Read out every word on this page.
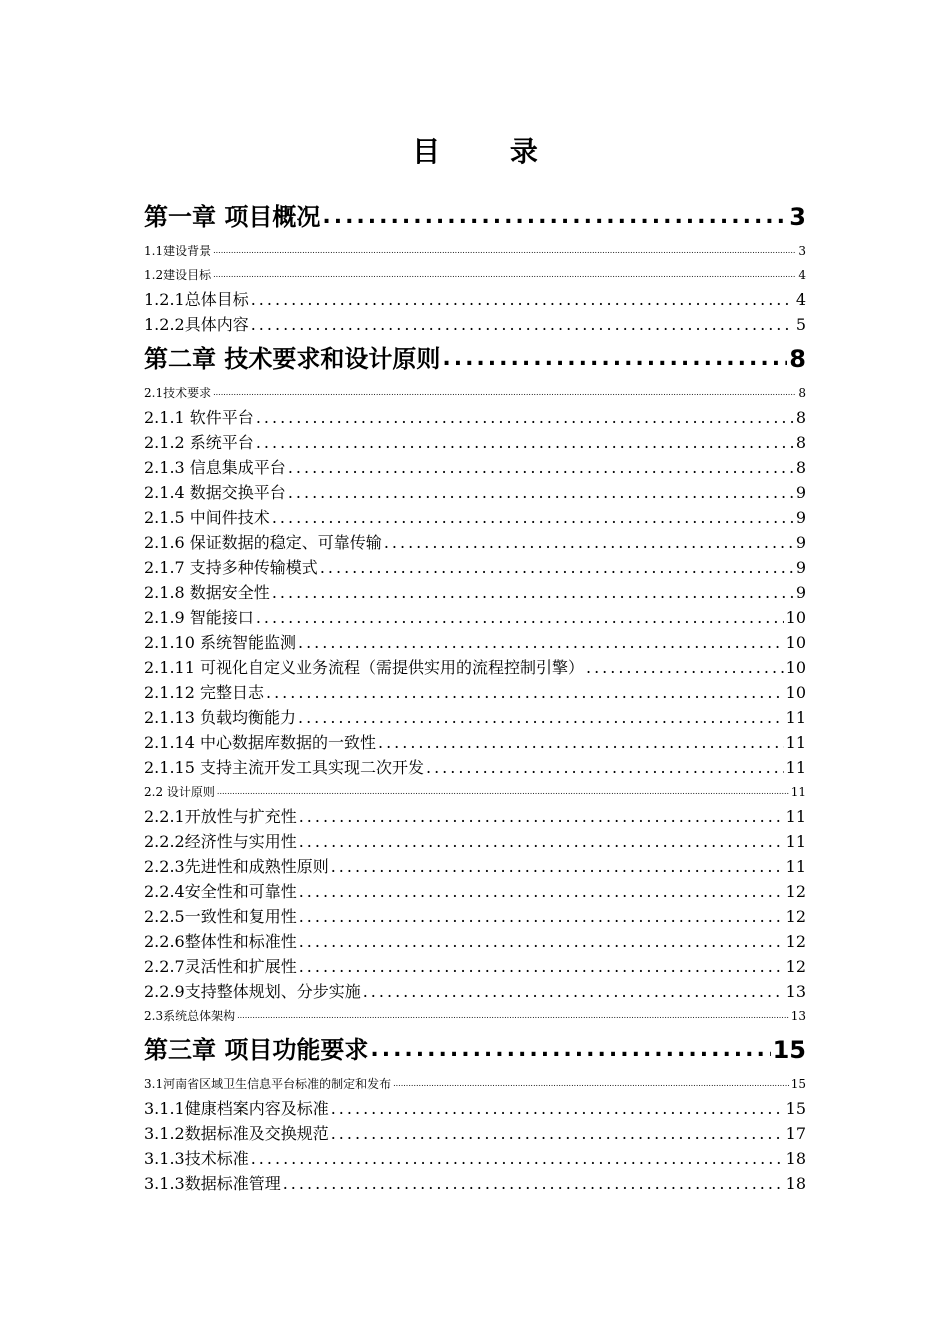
目 录
第一章 项目概况 .....	3
1.1建设背景 .....	3
1.2建设目标 .....	4
1.2.1总体目标 .....	4
1.2.2具体内容 .....	5
第二章 技术要求和设计原则 .....	8
2.1技术要求 .....	8
2.1.1 软件平台 .....	8
2.1.2 系统平台 .....	8
2.1.3 信息集成平台 .....	8
2.1.4 数据交换平台 .....	9
2.1.5 中间件技术 .....	9
2.1.6 保证数据的稳定、可靠传输 .....	9
2.1.7 支持多种传输模式 .....	9
2.1.8 数据安全性 .....	9
2.1.9 智能接口 .....	10
2.1.10 系统智能监测 .....	10
2.1.11 可视化自定义业务流程（需提供实用的流程控制引擎） .....	10
2.1.12 完整日志 .....	10
2.1.13 负载均衡能力 .....	11
2.1.14 中心数据库数据的一致性 .....	11
2.1.15 支持主流开发工具实现二次开发 .....	11
2.2 设计原则 .....	11
2.2.1开放性与扩充性 .....	11
2.2.2经济性与实用性 .....	11
2.2.3先进性和成熟性原则 .....	11
2.2.4安全性和可靠性 .....	12
2.2.5一致性和复用性 .....	12
2.2.6整体性和标准性 .....	12
2.2.7灵活性和扩展性 .....	12
2.2.9支持整体规划、分步实施 .....	13
2.3系统总体架构 .....	13
第三章 项目功能要求 .....	15
3.1河南省区域卫生信息平台标准的制定和发布 .....	15
3.1.1健康档案内容及标准 .....	15
3.1.2数据标准及交换规范 .....	17
3.1.3技术标准 .....	18
3.1.3数据标准管理 .....	18
